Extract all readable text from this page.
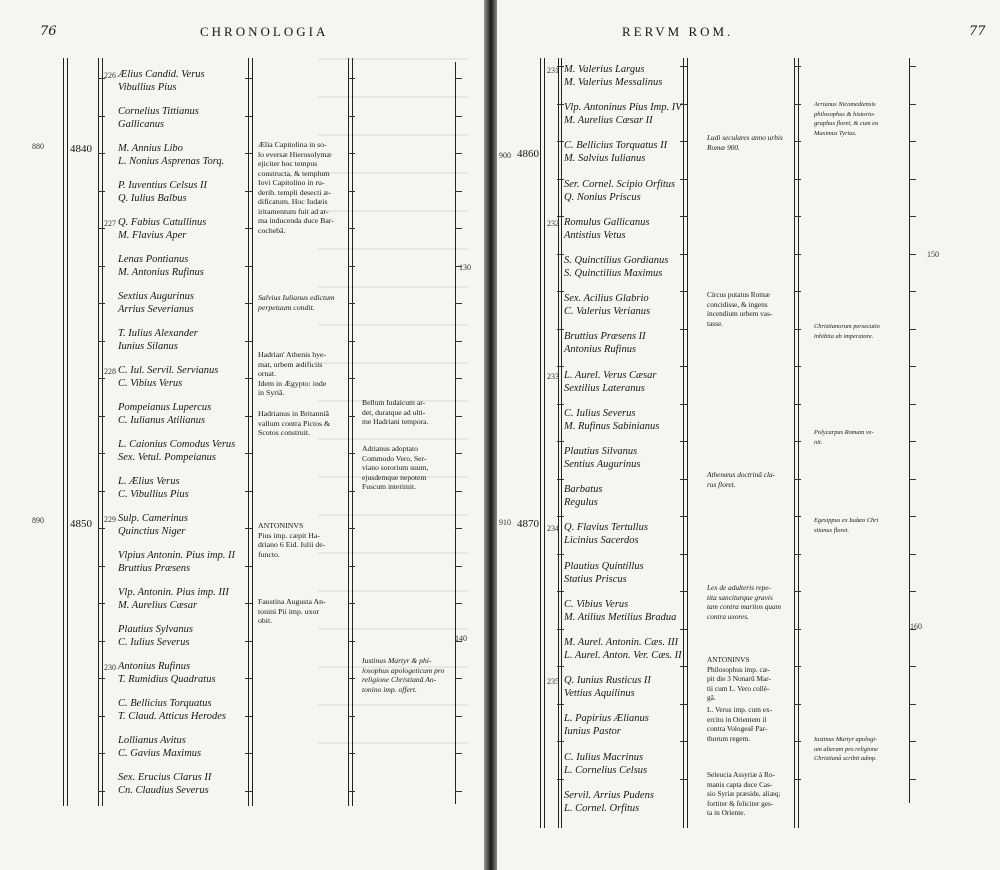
76	CHRONOLOGIA
880 4840
890 4850
130
140
Ælius Candid. Verus
Vibullius Pius
226
Cornelius Tittianus
Gallicanus
M. Annius Libo
L. Nonius Asprenas Torq.
P. Iuventius Celsus II
Q. Iulius Balbus
Q. Fabius Catullinus
M. Flavius Aper
227
Lenas Pontianus
M. Antonius Rufinus
Sextius Augurinus
Arrius Severianus
T. Iulius Alexander
Iunius Silanus
C. Iul. Servil. Servianus
C. Vibius Verus
228
Pompeianus Lupercus
C. Iulianus Atilianus
L. Caionius Comodus Verus
Sex. Vetul. Pompeianus
L. Ælius Verus
C. Vibullius Pius
Sulp. Camerinus
Quinctius Niger
229
Vlpius Antonin. Pius imp. II
Bruttius Præsens
Vlp. Antonin. Pius imp. III
M. Aurelius Cæsar
Plautius Sylvanus
C. Iulius Severus
Antonius Rufinus
T. Rumidius Quadratus
230
C. Bellicius Torquatus
T. Claud. Atticus Herodes
Lollianus Avitus
C. Gavius Maximus
Sex. Erucius Clarus II
Cn. Claudius Severus
Ælia Capitolina in so-
lo eversæ Hierosolymæ
ejiciter hoc tempus
constructa, & templum
Iovi Capitolino in ru-
derib. templi desecti æ-
dificatum. Hoc Iudæis
iritamentum fuit ad ar-
ma inducenda duce Bar-
cochebâ.
Salvius Iulianus edictum
perpetuum condit.
Hadrian' Athenis hye-
mat, urbem ædificiis
ornat.
Idem in Ægypto: inde
in Syriâ.
Hadrianus in Britanniâ
vallum contra Pictos &
Scotos construit.
ANTONINVS
Pius imp. cæpit Ha-
driano 6 Eid. Iulii de-
functo.
Faustina Augusta An-
tonini Pii imp. uxor
obit.
Bellum Iudaicum ar-
det, duratque ad ulti-
me Hadriani tempora.
Adrianus adoptato
Commodo Vero, Ser-
viano sororium suum,
ejusdemque nepotem
Fuscum interimit.
Iustinus Martyr & phi-
losophus apologeticum pro
religione Christianâ An-
tonino imp. offert.
RERVM ROM.	77
900 4860
910 4870
150
160
M. Valerius Largus
M. Valerius Messalinus
231
Vlp. Antoninus Pius Imp. IV
M. Aurelius Cæsar II
C. Bellicius Torquatus II
M. Salvius Iulianus
Ser. Cornel. Scipio Orfitus
Q. Nonius Priscus
Romulus Gallicanus
Antistius Vetus
232
S. Quinctilius Gordianus
S. Quinctilius Maximus
Sex. Acilius Glabrio
C. Valerius Verianus
Bruttius Præsens II
Antonius Rufinus
L. Aurel. Verus Cæsar
Sextilius Lateranus
233
C. Iulius Severus
M. Rufinus Sabinianus
Plautius Silvanus
Sentius Augurinus
Barbatus
Regulus
Q. Flavius Tertullus
Licinius Sacerdos
234
Plautius Quintillus
Statius Priscus
C. Vibius Verus
M. Atilius Metilius Bradua
M. Aurel. Antonin. Cæs. III
L. Aurel. Anton. Ver. Cæs. II
Q. Iunius Rusticus II
Vettius Aquilinus
235
L. Papirius Ælianus
Iunius Pastor
C. Iulius Macrinus
L. Cornelius Celsus
Servil. Arrius Pudens
L. Cornel. Orfitus
Ludi seculares anno urbis
Romæ 900.
Circus putatus Romæ
concidisse, & ingens
incendium urbem vas-
tasse.
Athenæus doctrinâ cla-
rus floret.
Lex de adulteris repe-
tita sanciturque gravis
tam contra maritos quam
contra uxores.
ANTONINVS
Philosophus imp. cæ-
pit die 3 Nonarū Mar-
tii cum L. Vero collè-
gâ.
L. Verus imp. cum ex-
ercitu in Orientem il
contra Vologesē Par-
thorum regem.
Seleucia Assyriæ à Ro-
manis capta duce Cas-
sio Syriæ præside, aliæq;
fortiter & feliciter ges-
ta in Oriente.
Arrianus Nicomediensis
philosophus & historio-
graphus floret, & cum eo
Maximus Tyrius.
Christianorum persecutio
inhibita ab imperatore.
Polycarpus Romam ve-
nit.
Egesippus ex Iudæo Chri
stianus floret.
Iustinus Martyr apologi-
am alteram pro religione
Christianâ scribit admp.
